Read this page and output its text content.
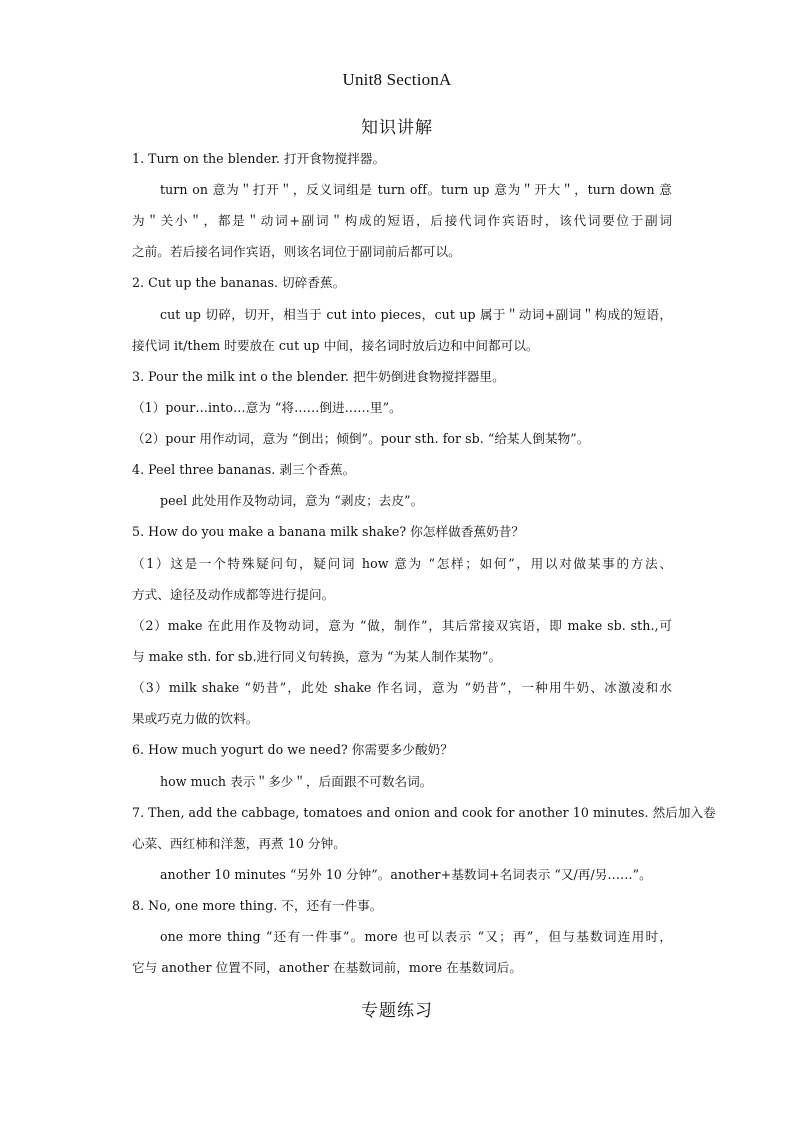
Unit8 SectionA
知识讲解
1. Turn on the blender. 打开食物搅拌器。
turn on 意为＂打开＂，反义词组是 turn off。turn up 意为＂开大＂，turn down 意
为＂关小＂，都是＂动词+副词＂构成的短语，后接代词作宾语时，该代词要位于副词
之前。若后接名词作宾语，则该名词位于副词前后都可以。
2. Cut up the bananas. 切碎香蕉。
cut up 切碎，切开，相当于 cut into pieces，cut up 属于＂动词+副词＂构成的短语，
接代词 it/them 时要放在 cut up 中间，接名词时放后边和中间都可以。
3. Pour the milk int o the blender. 把牛奶倒进食物搅拌器里。
（1）pour…into…意为 “将……倒进……里”。
（2）pour 用作动词，意为 “倒出；倾倒”。pour sth. for sb. “给某人倒某物”。
4. Peel three bananas. 剥三个香蕉。
peel 此处用作及物动词，意为 “剥皮；去皮”。
5. How do you make a banana milk shake? 你怎样做香蕉奶昔？
（1）这是一个特殊疑问句，疑问词 how 意为 “怎样；如何”，用以对做某事的方法、
方式、途径及动作成都等进行提问。
（2）make 在此用作及物动词，意为 “做，制作”，其后常接双宾语，即 make sb. sth.,可
与 make sth. for sb.进行同义句转换，意为 “为某人制作某物”。
（3）milk shake “奶昔”，此处 shake 作名词，意为 “奶昔”，一种用牛奶、冰激凌和水
果或巧克力做的饮料。
6. How much yogurt do we need? 你需要多少酸奶？
how much 表示＂多少＂，后面跟不可数名词。
7. Then, add the cabbage, tomatoes and onion and cook for another 10 minutes. 然后加入卷
心菜、西红柿和洋葱，再煮 10 分钟。
another 10 minutes “另外 10 分钟”。another+基数词+名词表示 “又/再/另……”。
8. No, one more thing. 不，还有一件事。
one more thing “还有一件事”。more 也可以表示 “又；再”，但与基数词连用时，
它与 another 位置不同，another 在基数词前，more 在基数词后。
专题练习
